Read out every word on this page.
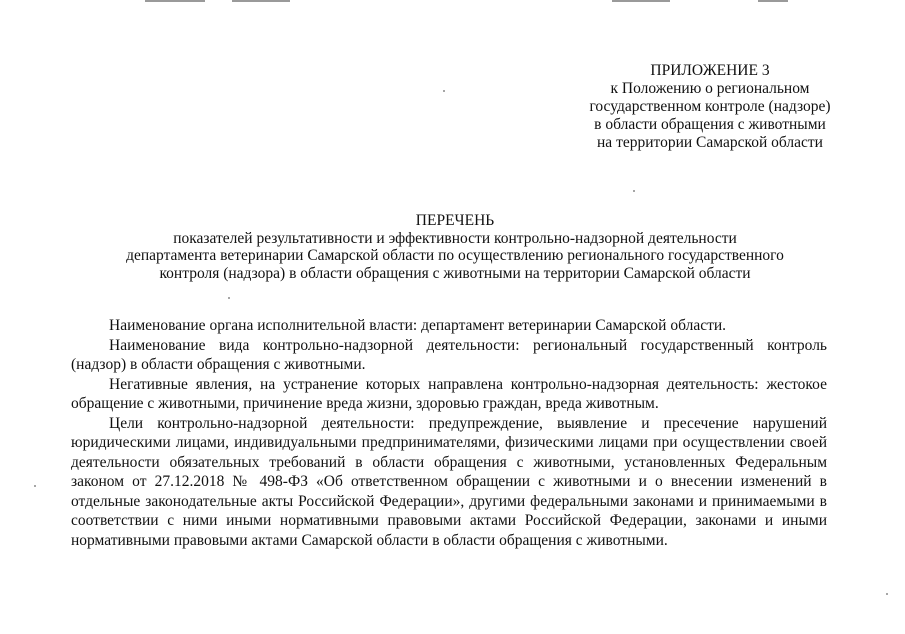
ПРИЛОЖЕНИЕ 3
к Положению о региональном
государственном контроле (надзоре)
в области обращения с животными
на территории Самарской области
ПЕРЕЧЕНЬ
показателей результативности и эффективности контрольно-надзорной деятельности
департамента ветеринарии Самарской области по осуществлению регионального государственного
контроля (надзора) в области обращения с животными на территории Самарской области

Наименование органа исполнительной власти: департамент ветеринарии Самарской области.

Наименование вида контрольно-надзорной деятельности: региональный государственный контроль (надзор) в области обращения с животными.

Негативные явления, на устранение которых направлена контрольно-надзорная деятельность: жестокое обращение с животными, причинение вреда жизни, здоровью граждан, вреда животным.

Цели контрольно-надзорной деятельности: предупреждение, выявление и пресечение нарушений юридическими лицами, индивидуальными предпринимателями, физическими лицами при осуществлении своей деятельности обязательных требований в области обращения с животными, установленных Федеральным законом от 27.12.2018 № 498-ФЗ «Об ответственном обращении с животными и о внесении изменений в отдельные законодательные акты Российской Федерации», другими федеральными законами и принимаемыми в соответствии с ними иными нормативными правовыми актами Российской Федерации, законами и иными нормативными правовыми актами Самарской области в области обращения с животными.
